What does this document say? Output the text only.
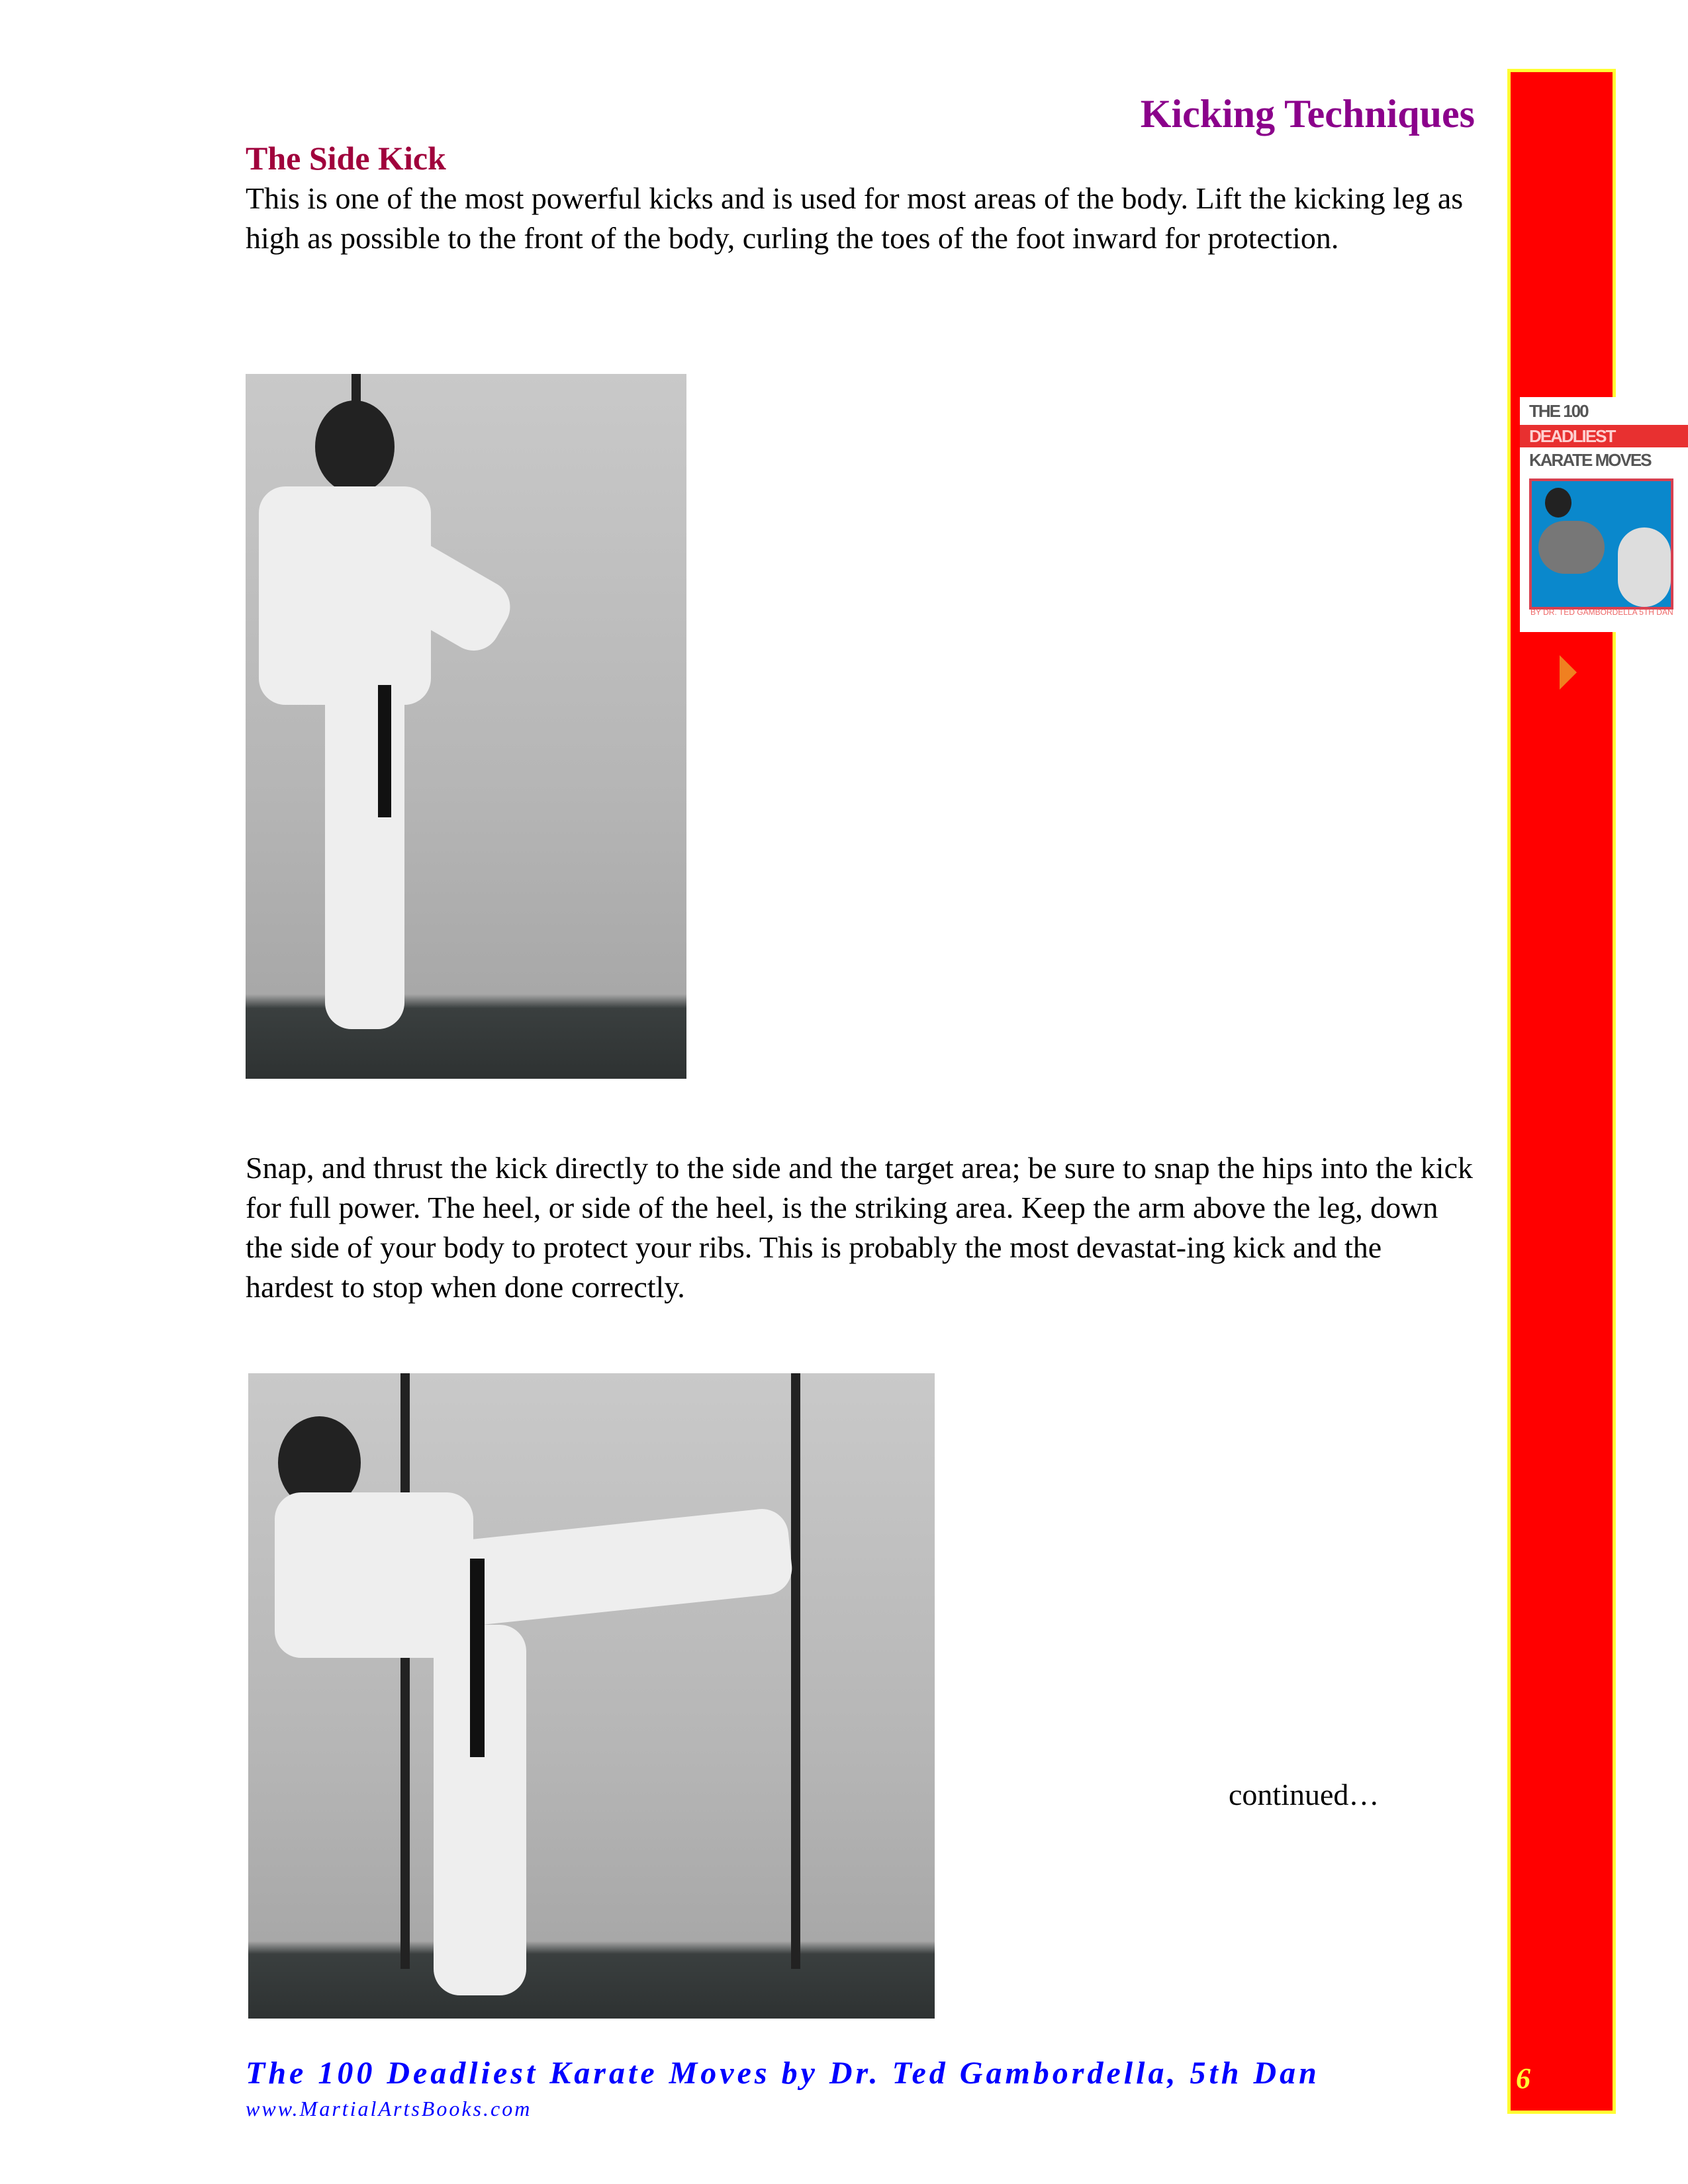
Kicking Techniques
The Side Kick
This is one of the most powerful kicks and is used for most areas of the body. Lift the kicking leg as high as possible to the front of the body, curling the toes of the foot inward for protection.
Snap, and thrust the kick directly to the side and the target area; be sure to snap the hips into the kick for full power. The heel, or side of the heel, is the striking area. Keep the arm above the leg, down the side of your body to protect your ribs. This is probably the most devastat-ing kick and the hardest to stop when done correctly.
continued…
The 100 Deadliest Karate Moves by Dr. Ted Gambordella, 5th Dan
www.MartialArtsBooks.com
THE 100
DEADLIEST
KARATE MOVES
BY DR. TED GAMBORDELLA 5TH DAN
6
